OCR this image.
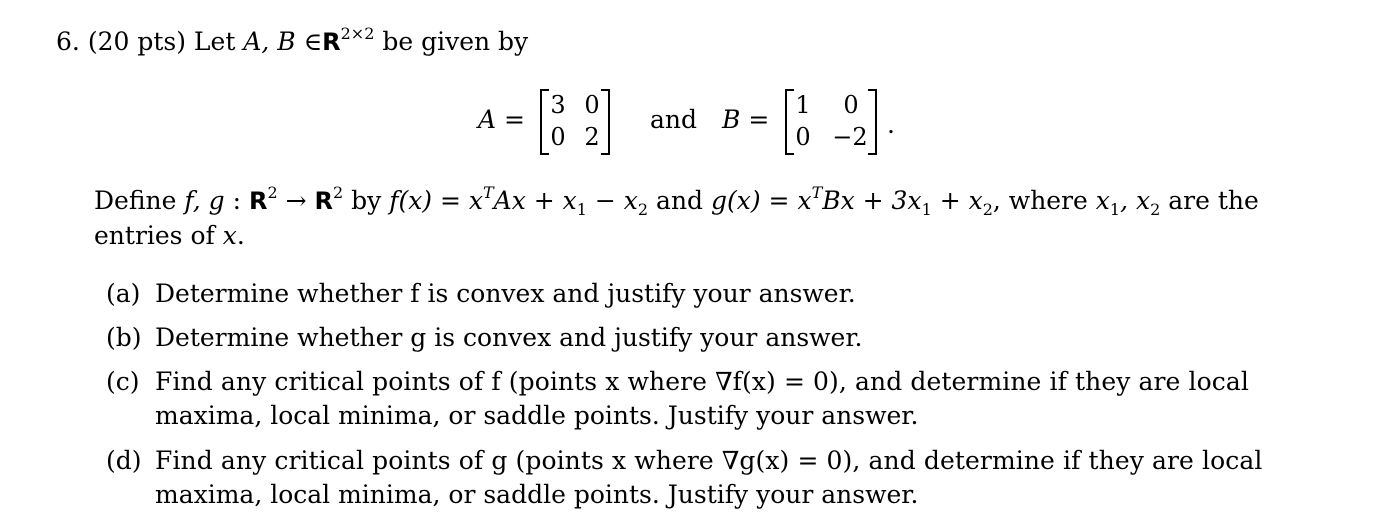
6. (20 pts) Let A, B $\in R^{2\times 2}$ be given by
A = 3 0
0 2
and B = 1 0
0 −2 .
Define f, g : $R^2 \to R^2$ by $f(x) = x^TAx + x_1 - x_2$ and $g(x) = x^TBx + 3x_1 + x_2$, where $x_1$, $x_2$ are the
entries of x.
(a) Determine whether f is convex and justify your answer.
(b) Determine whether g is convex and justify your answer.
(c) Find any critical points of f (points x where ∇f(x) = 0), and determine if they are local
maxima, local minima, or saddle points. Justify your answer.
(d) Find any critical points of g (points x where ∇g(x) = 0), and determine if they are local
maxima, local minima, or saddle points. Justify your answer.
